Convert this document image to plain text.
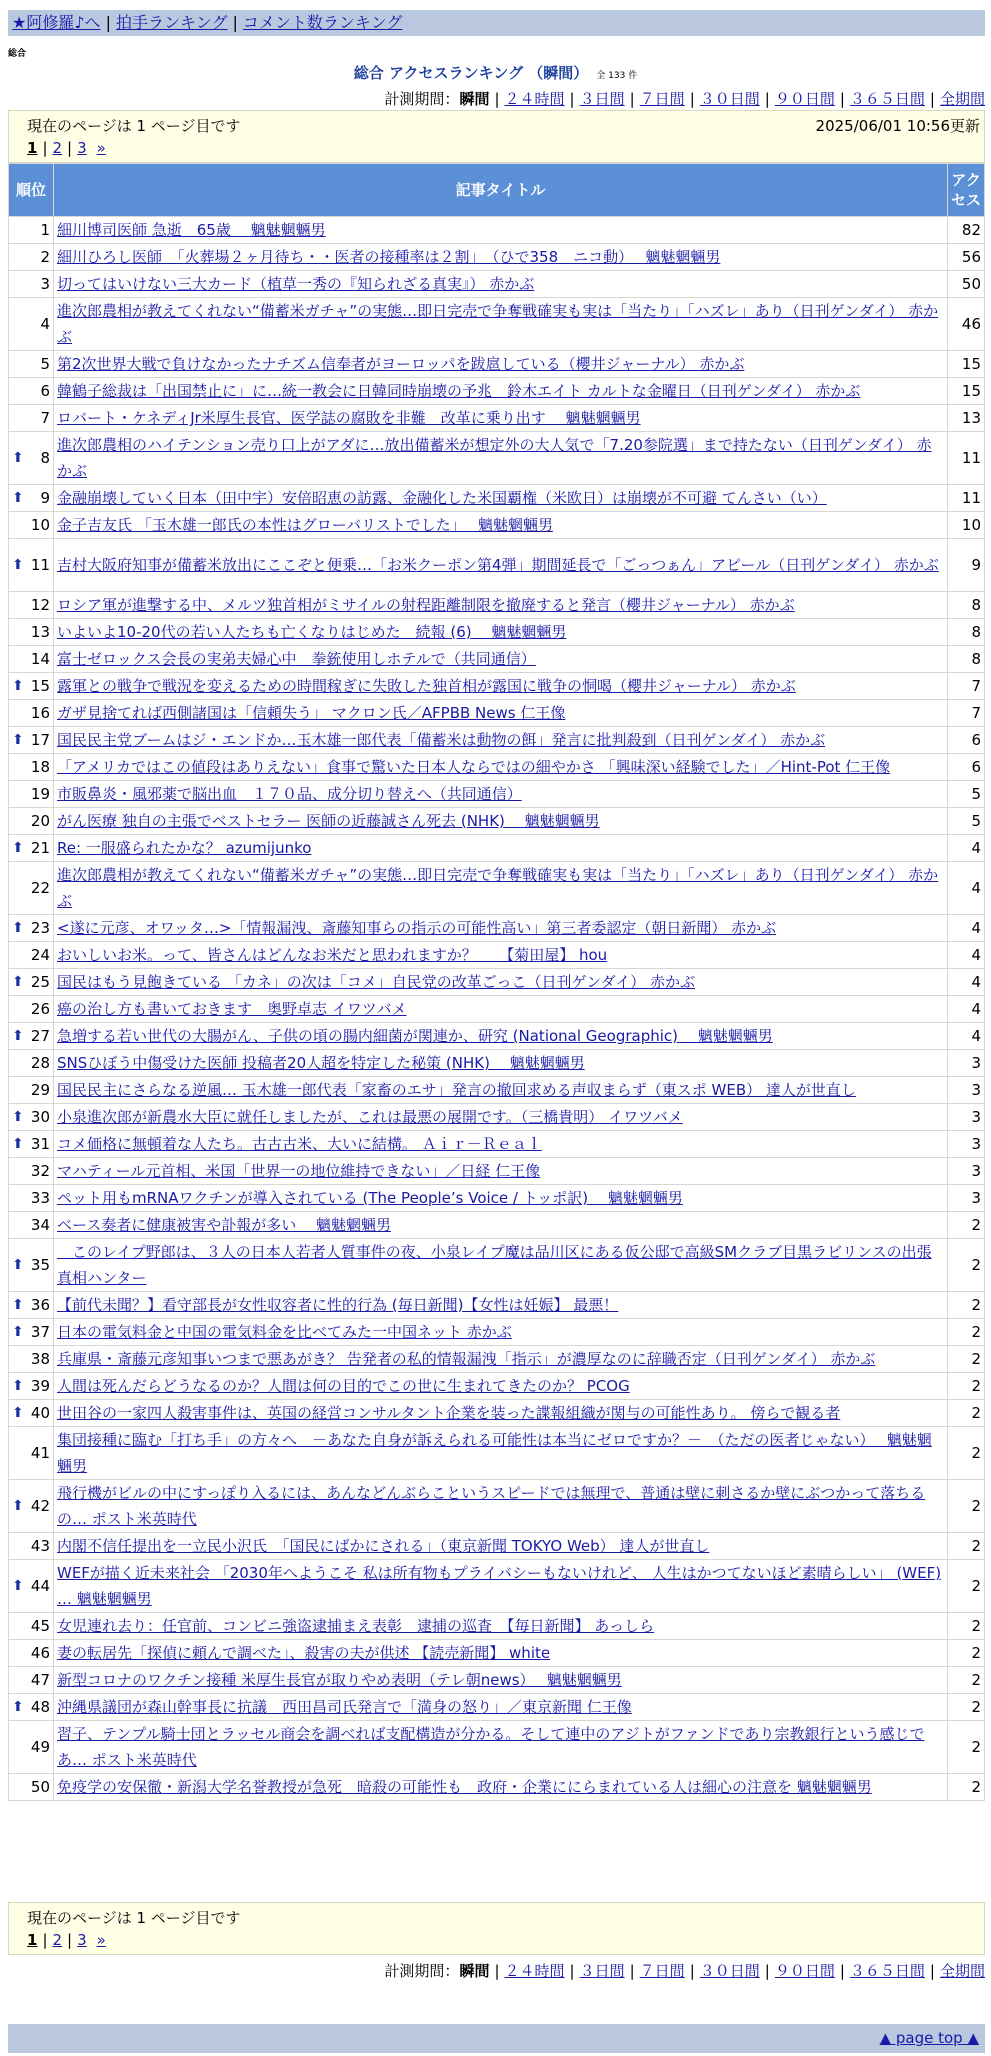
★阿修羅♪へ | 拍手ランキング | コメント数ランキング
総合
総合 アクセスランキング （瞬間） 全 133 件
計測期間：瞬間 | ２４時間 | ３日間 | ７日間 | ３０日間 | ９０日間 | ３６５日間 | 全期間
現在のページは 1 ページ目です	2025/06/01 10:56更新
1 | 2 | 3 »
順位	記事タイトル	アクセス
1	細川博司医師 急逝　65歳　 魑魅魍魎男	82
2	細川ひろし医師　「火葬場２ヶ月待ち・・医者の接種率は２割」　（ひで358　ニコ動）　 魑魅魍魎男	56
3	切ってはいけない三大カード（植草一秀の『知られざる真実』） 赤かぶ	50
4	進次郎農相が教えてくれない“備蓄米ガチャ”の実態…即日完売で争奪戦確実も実は「当たり」「ハズレ」あり（日刊ゲンダイ） 赤かぶ	46
5	第2次世界大戦で負けなかったナチズム信奉者がヨーロッパを跋扈している（櫻井ジャーナル） 赤かぶ	15
6	韓鶴子総裁は「出国禁止に」に…統一教会に日韓同時崩壊の予兆　鈴木エイト カルトな金曜日（日刊ゲンダイ） 赤かぶ	15
7	ロバート・ケネディJr米厚生長官、医学誌の腐敗を非難　改革に乗り出す　 魑魅魍魎男	13

⬆ 8	進次郎農相のハイテンション売り口上がアダに…放出備蓄米が想定外の大人気で「7.20参院選」まで持たない（日刊ゲンダイ） 赤かぶ	11

⬆ 9	金融崩壊していく日本（田中宇）安倍昭恵の訪露、金融化した米国覇権（米欧日）は崩壊が不可避 てんさい（い）	11
10	金子吉友氏 「玉木雄一郎氏の本性はグローバリストでした」　 魑魅魍魎男	10

⬆ 11	吉村大阪府知事が備蓄米放出にここぞと便乗…「お米クーポン第4弾」期間延長で「ごっつぁん」アピール（日刊ゲンダイ） 赤かぶ	9
12	ロシア軍が進撃する中、メルツ独首相がミサイルの射程距離制限を撤廃すると発言（櫻井ジャーナル） 赤かぶ	8
13	いよいよ10-20代の若い人たちも亡くなりはじめた　続報 (6)　 魑魅魍魎男	8
14	富士ゼロックス会長の実弟夫婦心中　拳銃使用しホテルで（共同通信）	8

⬆ 15	露軍との戦争で戦況を変えるための時間稼ぎに失敗した独首相が露国に戦争の恫喝（櫻井ジャーナル） 赤かぶ	7
16	ガザ見捨てれば西側諸国は「信頼失う」 マクロン氏／AFPBB News 仁王像	7

⬆ 17	国民民主党ブームはジ・エンドか…玉木雄一郎代表「備蓄米は動物の餌」発言に批判殺到（日刊ゲンダイ） 赤かぶ	6
18	「アメリカではこの値段はありえない」食事で驚いた日本人ならではの細やかさ 「興味深い経験でした」／Hint-Pot 仁王像	6
19	市販鼻炎・風邪薬で脳出血　１７０品、成分切り替えへ（共同通信）	5
20	がん医療 独自の主張でベストセラー 医師の近藤誠さん死去 (NHK)　 魑魅魍魎男	5

⬆ 21	Re: 一服盛られたかな？ azumijunko	4
22	進次郎農相が教えてくれない“備蓄米ガチャ”の実態…即日完売で争奪戦確実も実は「当たり」「ハズレ」あり（日刊ゲンダイ） 赤かぶ	4

⬆ 23	<遂に元彦、オワッタ…>「情報漏洩、斎藤知事らの指示の可能性高い」第三者委認定（朝日新聞） 赤かぶ	4
24	おいしいお米。って、皆さんはどんなお米だと思われますか？　　【菊田屋】 hou	4

⬆ 25	国民はもう見飽きている 「カネ」の次は「コメ」自民党の改革ごっこ（日刊ゲンダイ） 赤かぶ	4
26	癌の治し方も書いておきます　奥野卓志 イワツバメ	4

⬆ 27	急増する若い世代の大腸がん、子供の頃の腸内細菌が関連か、研究 (National Geographic)　 魑魅魍魎男	4
28	SNSひぼう中傷受けた医師 投稿者20人超を特定した秘策 (NHK)　 魑魅魍魎男	3
29	国民民主にさらなる逆風… 玉木雄一郎代表「家畜のエサ」発言の撤回求める声収まらず（東スポ WEB） 達人が世直し	3

⬆ 30	小泉進次郎が新農水大臣に就任しましたが、これは最悪の展開です。（三橋貴明） イワツバメ	3

⬆ 31	コメ価格に無頓着な人たち。古古古米、大いに結構。 Ａｉｒ－Ｒｅａｌ	3
32	マハティール元首相、米国「世界一の地位維持できない」／日経 仁王像	3
33	ペット用もmRNAワクチンが導入されている (The People’s Voice / トッポ訳)　 魑魅魍魎男	3
34	ベース奏者に健康被害や訃報が多い　 魑魅魍魎男	2

⬆ 35	　このレイプ野郎は、３人の日本人若者人質事件の夜、小泉レイプ魔は品川区にある仮公邸で高級SMクラブ目黒ラビリンスの出張 真相ハンター	2

⬆ 36	【前代未聞？】看守部長が女性収容者に性的行為 (毎日新聞)【女性は妊娠】 最悪！	2

⬆ 37	日本の電気料金と中国の電気料金を比べてみた一中国ネット 赤かぶ	2
38	兵庫県・斎藤元彦知事いつまで悪あがき？ 告発者の私的情報漏洩「指示」が濃厚なのに辞職否定（日刊ゲンダイ） 赤かぶ	2

⬆ 39	人間は死んだらどうなるのか？人間は何の目的でこの世に生まれてきたのか？ PCOG	2

⬆ 40	世田谷の一家四人殺害事件は、英国の経営コンサルタント企業を装った諜報組織が関与の可能性あり。 傍らで観る者	2
41	集団接種に臨む「打ち手」の方々へ　－あなた自身が訴えられる可能性は本当にゼロですか？－　（ただの医者じゃない）　 魑魅魍魎男	2

⬆ 42	飛行機がビルの中にすっぽり入るには、あんなどんぶらこというスピードでは無理で、普通は壁に刺さるか壁にぶつかって落ちるの… ポスト米英時代	2
43	内閣不信任提出を一立民小沢氏　「国民にばかにされる」（東京新聞 TOKYO Web） 達人が世直し	2

⬆ 44	WEFが描く近未来社会 「2030年へようこそ 私は所有物もプライバシーもないけれど、 人生はかつてないほど素晴らしい」 (WEF) … 魑魅魍魎男	2
45	女児連れ去り：任官前、コンビニ強盗逮捕まえ表彰　逮捕の巡査　【毎日新聞】 あっしら	2
46	妻の転居先「探偵に頼んで調べた」、殺害の夫が供述 【読売新聞】 white	2
47	新型コロナのワクチン接種 米厚生長官が取りやめ表明（テレ朝news）　 魑魅魍魎男	2

⬆ 48	沖縄県議団が森山幹事長に抗議　西田昌司氏発言で「満身の怒り」／東京新聞 仁王像	2
49	習子、テンプル騎士団とラッセル商会を調べれば支配構造が分かる。そして連中のアジトがファンドであり宗教銀行という感じであ… ポスト米英時代	2
50	免疫学の安保徹・新潟大学名誉教授が急死　暗殺の可能性も　政府・企業ににらまれている人は細心の注意を 魑魅魍魎男	2
現在のページは 1 ページ目です
1 | 2 | 3 »
計測期間：瞬間 | ２４時間 | ３日間 | ７日間 | ３０日間 | ９０日間 | ３６５日間 | 全期間
▲ page top ▲
